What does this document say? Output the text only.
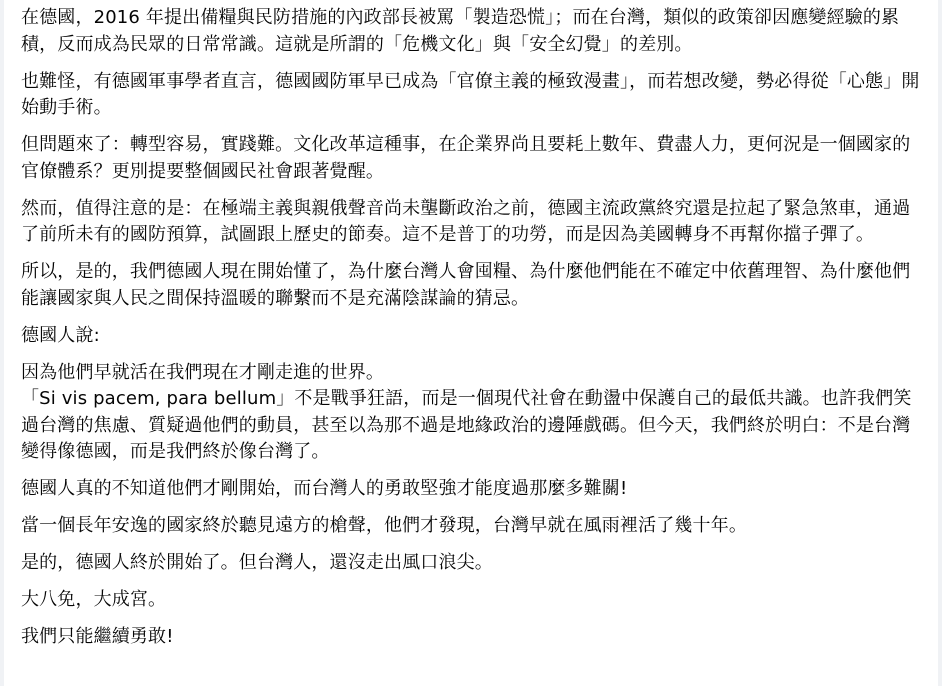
在德國，2016 年提出備糧與民防措施的內政部長被罵「製造恐慌」；而在台灣，類似的政策卻因應變經驗的累積，反而成為民眾的日常常識。這就是所謂的「危機文化」與「安全幻覺」的差別。

也難怪，有德國軍事學者直言，德國國防軍早已成為「官僚主義的極致漫畫」，而若想改變，勢必得從「心態」開始動手術。

但問題來了：轉型容易，實踐難。文化改革這種事，在企業界尚且要耗上數年、費盡人力，更何況是一個國家的官僚體系？更別提要整個國民社會跟著覺醒。

然而，值得注意的是：在極端主義與親俄聲音尚未壟斷政治之前，德國主流政黨終究還是拉起了緊急煞車，通過了前所未有的國防預算，試圖跟上歷史的節奏。這不是普丁的功勞，而是因為美國轉身不再幫你擋子彈了。

所以，是的，我們德國人現在開始懂了，為什麼台灣人會囤糧、為什麼他們能在不確定中依舊理智、為什麼他們能讓國家與人民之間保持溫暖的聯繫而不是充滿陰謀論的猜忌。

德國人說:

因為他們早就活在我們現在才剛走進的世界。

「Si vis pacem, para bellum」不是戰爭狂語，而是一個現代社會在動盪中保護自己的最低共識。也許我們笑過台灣的焦慮、質疑過他們的動員，甚至以為那不過是地緣政治的邊陲戲碼。但今天，我們終於明白：不是台灣變得像德國，而是我們終於像台灣了。

德國人真的不知道他們才剛開始，而台灣人的勇敢堅強才能度過那麼多難關!

當一個長年安逸的國家終於聽見遠方的槍聲，他們才發現，台灣早就在風雨裡活了幾十年。

是的，德國人終於開始了。但台灣人，還沒走出風口浪尖。

大八免，大成宮。

我們只能繼續勇敢!
